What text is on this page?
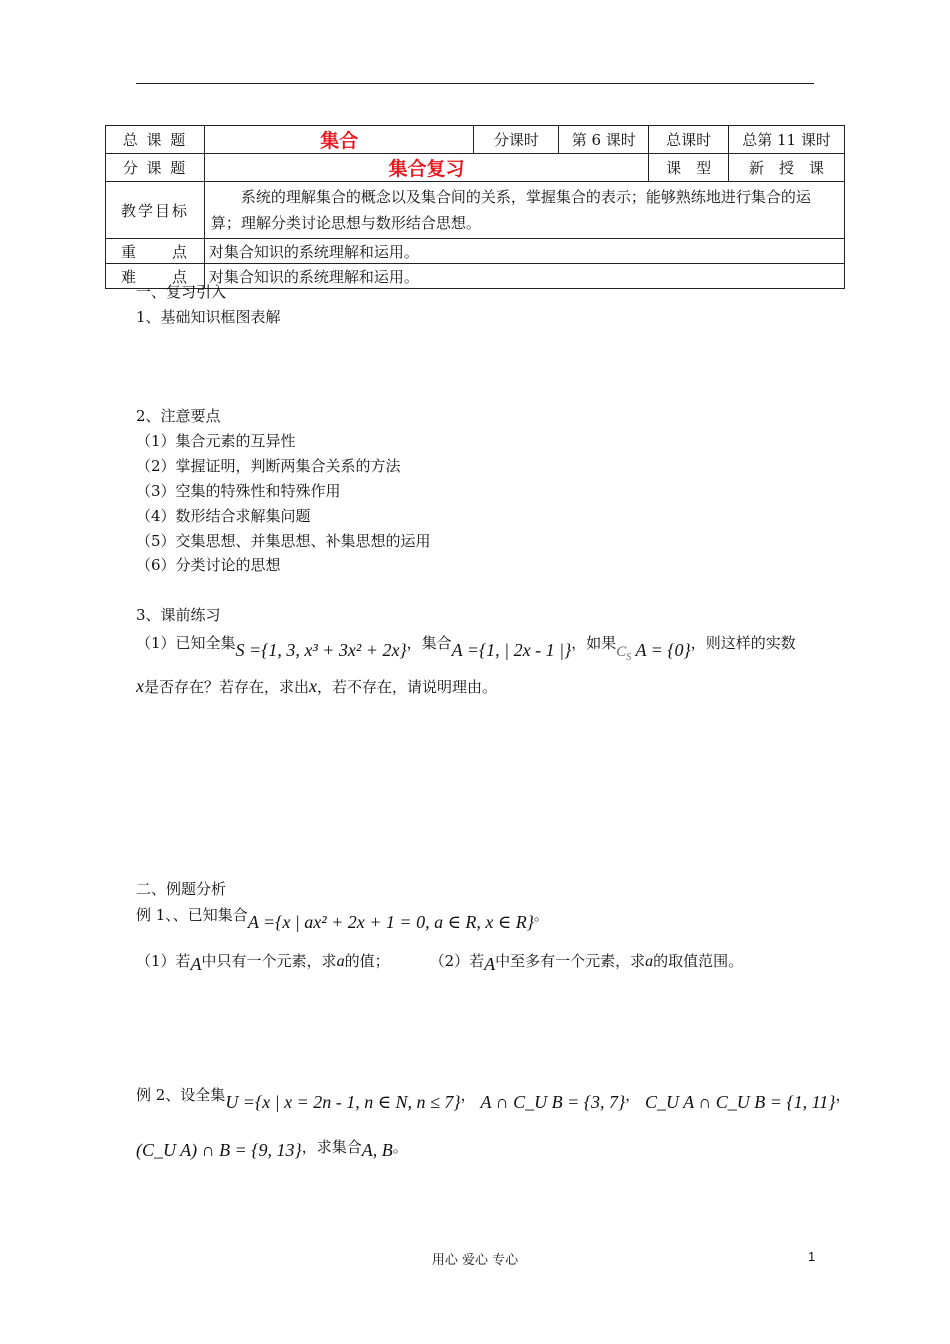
总 课 题	集合	分课时	第 6 课时	总课时	总第 11 课时
分 课 题	集合复习			课　型	新　授　课
教学目标	系统的理解集合的概念以及集合间的关系，掌握集合的表示；能够熟练地进行集合的运算；理解分类讨论思想与数形结合思想。				
重　　点	对集合知识的系统理解和运用。				
难　　点	对集合知识的系统理解和运用。				
一、复习引入
1、基础知识框图表解
2、注意要点
（1）集合元素的互异性
（2）掌握证明，判断两集合关系的方法
（3）空集的特殊性和特殊作用
（4）数形结合求解集问题
（5）交集思想、并集思想、补集思想的运用
（6）分类讨论的思想
3、课前练习
（1）已知全集S ={1, 3, x³ + 3x² + 2x}，集合A ={1, | 2x - 1 |}，如果$C_S$ A = {0}，则这样的实数
x是否存在？若存在，求出x，若不存在，请说明理由。
二、例题分析
例 1、、已知集合A ={x | ax² + 2x + 1 = 0, a ∈ R, x ∈ R}。
（1）若A中只有一个元素，求a的值；	（2）若A中至多有一个元素，求a的取值范围。
例 2、设全集U ={x | x = 2n - 1, n ∈ N, n ≤ 7}， A ∩ C_U B = {3, 7}， C_U A ∩ C_U B = {1, 11}，
(C_U A) ∩ B = {9, 13}，求集合A, B。
用心 爱心 专心	1
